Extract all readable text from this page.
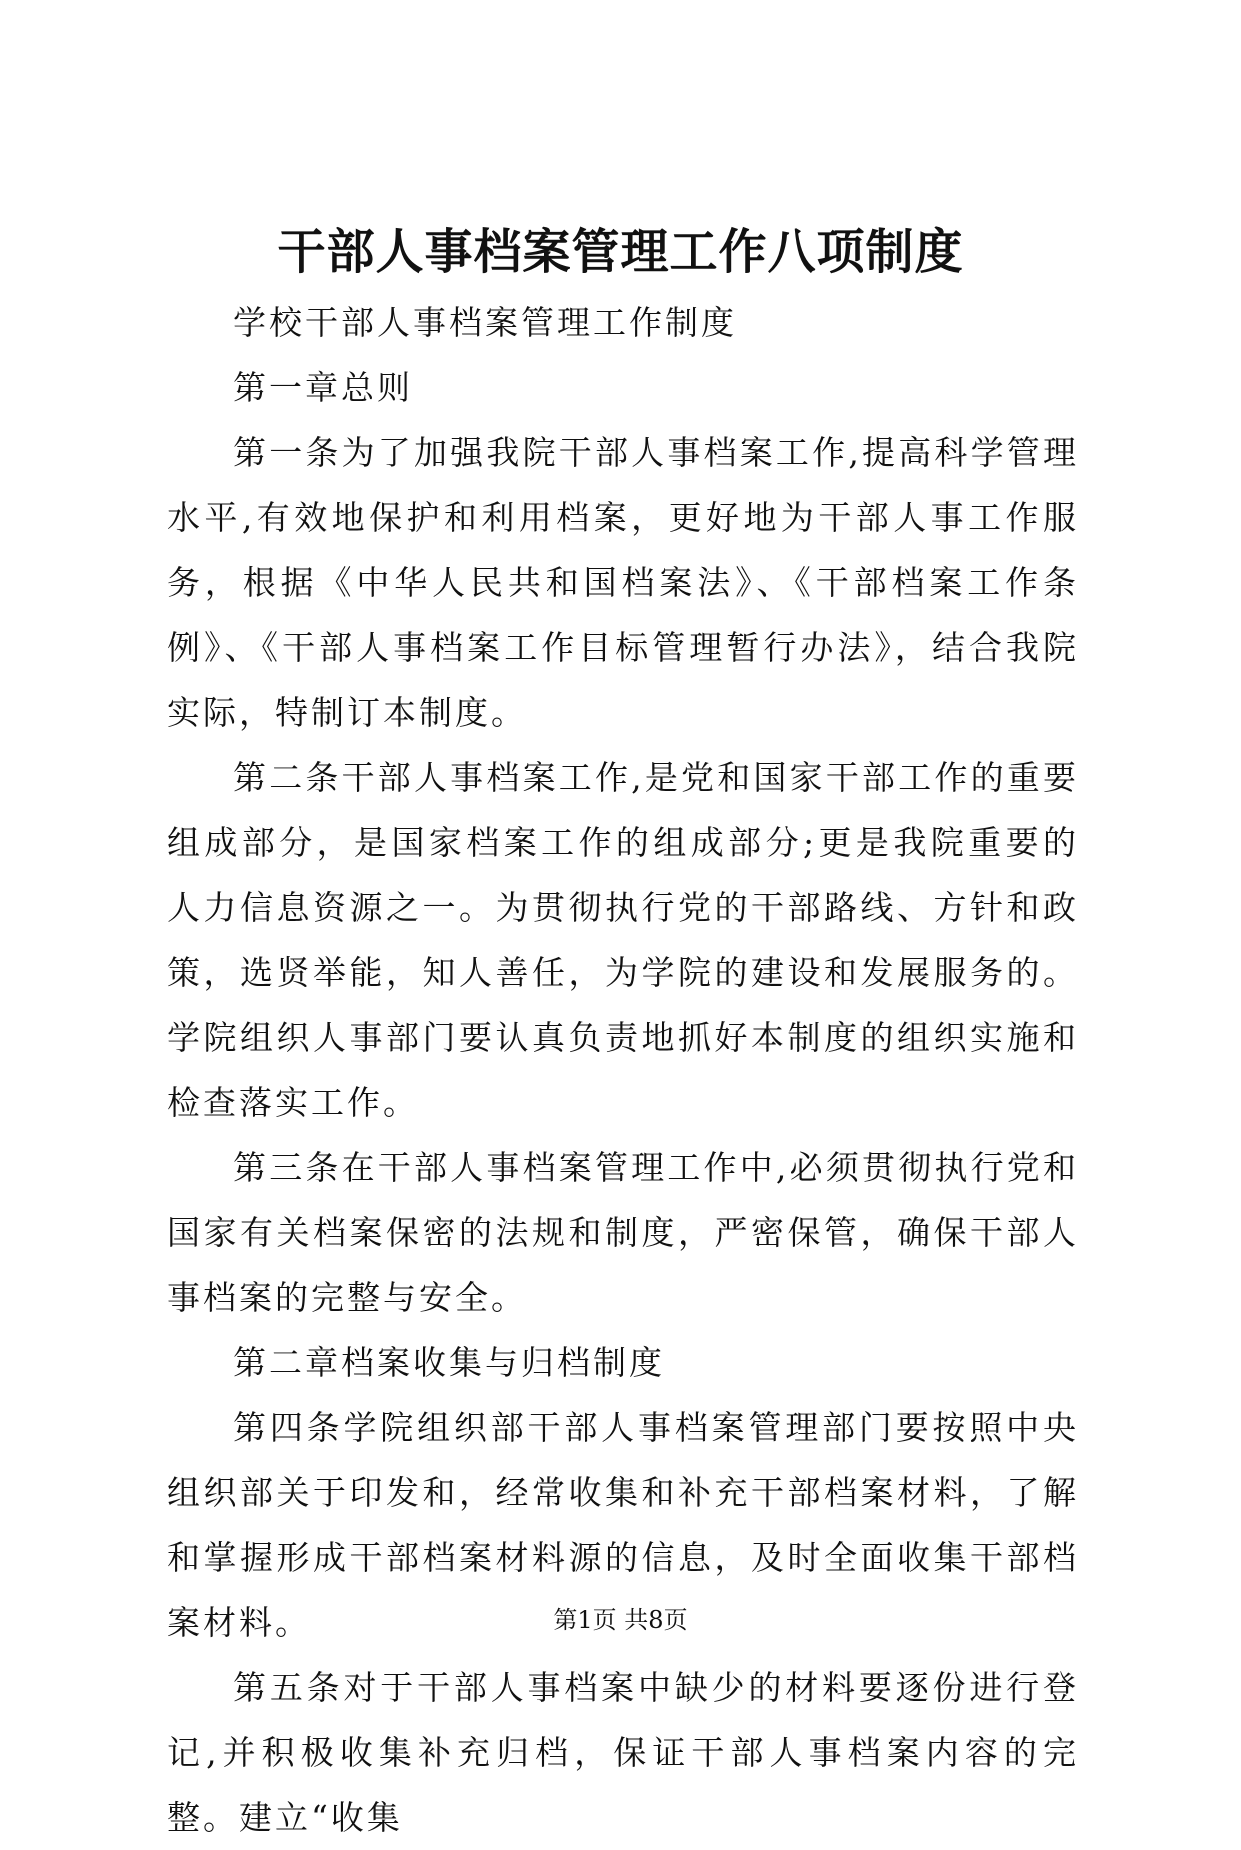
干部人事档案管理工作八项制度

学校干部人事档案管理工作制度

第一章总则

第一条为了加强我院干部人事档案工作,提高科学管理水平,有效地保护和利用档案，更好地为干部人事工作服务，根据《中华人民共和国档案法》、《干部档案工作条例》、《干部人事档案工作目标管理暂行办法》，结合我院实际，特制订本制度。

第二条干部人事档案工作,是党和国家干部工作的重要组成部分，是国家档案工作的组成部分;更是我院重要的人力信息资源之一。为贯彻执行党的干部路线、方针和政策，选贤举能，知人善任，为学院的建设和发展服务的。学院组织人事部门要认真负责地抓好本制度的组织实施和检查落实工作。

第三条在干部人事档案管理工作中,必须贯彻执行党和国家有关档案保密的法规和制度，严密保管，确保干部人事档案的完整与安全。

第二章档案收集与归档制度

第四条学院组织部干部人事档案管理部门要按照中央组织部关于印发和，经常收集和补充干部档案材料，了解和掌握形成干部档案材料源的信息，及时全面收集干部档案材料。

第五条对于干部人事档案中缺少的材料要逐份进行登记,并积极收集补充归档，保证干部人事档案内容的完整。建立“收集

第1页 共8页
